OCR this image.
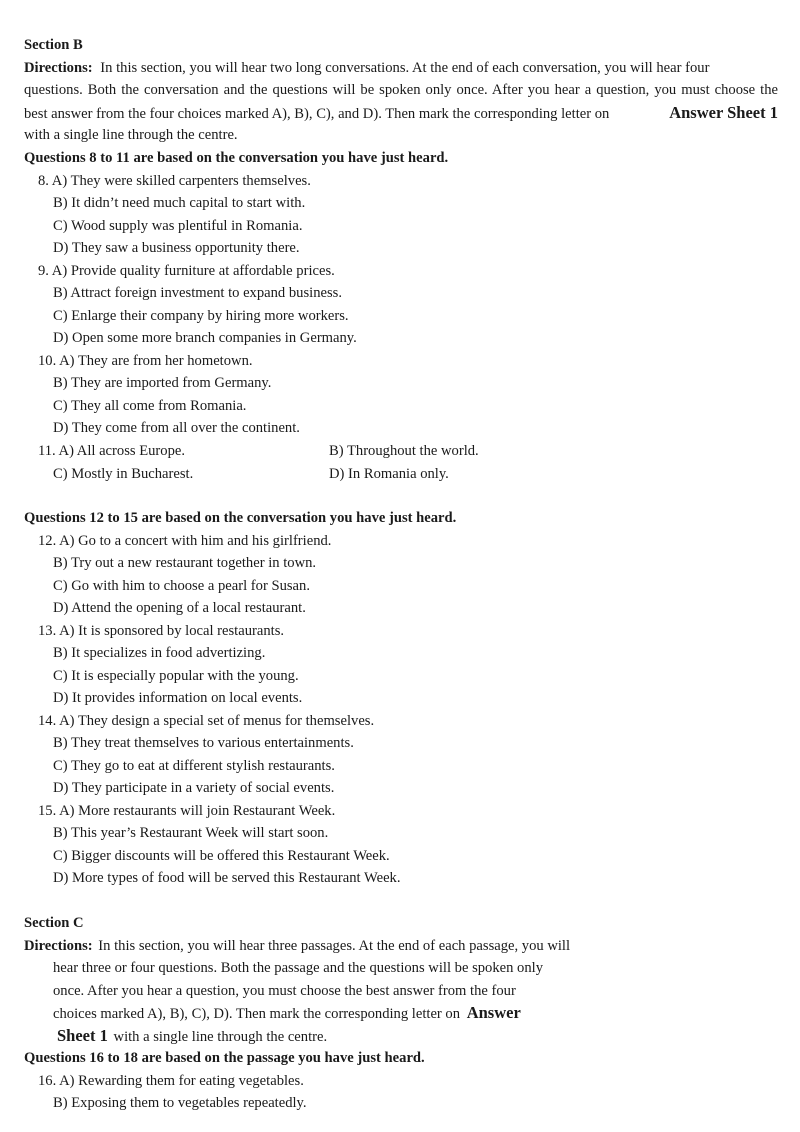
Section B
Directions: In this section, you will hear two long conversations. At the end of each conversation, you will hear four
questions. Both the conversation and the questions will be spoken only once. After you hear a question, you must choose the
best answer from the four choices marked A), B), C), and D). Then mark the corresponding letter on	Answer Sheet 1
with a single line through the centre.
Questions 8 to 11 are based on the conversation you have just heard.
8. A) They were skilled carpenters themselves.
B) It didn’t need much capital to start with.
C) Wood supply was plentiful in Romania.
D) They saw a business opportunity there.
9. A) Provide quality furniture at affordable prices.
B) Attract foreign investment to expand business.
C) Enlarge their company by hiring more workers.
D) Open some more branch companies in Germany.
10. A) They are from her hometown.
B) They are imported from Germany.
C) They all come from Romania.
D) They come from all over the continent.
11. A) All across Europe.	B) Throughout the world.
C) Mostly in Bucharest.	D) In Romania only.
Questions 12 to 15 are based on the conversation you have just heard.
12. A) Go to a concert with him and his girlfriend.
B) Try out a new restaurant together in town.
C) Go with him to choose a pearl for Susan.
D) Attend the opening of a local restaurant.
13. A) It is sponsored by local restaurants.
B) It specializes in food advertizing.
C) It is especially popular with the young.
D) It provides information on local events.
14. A) They design a special set of menus for themselves.
B) They treat themselves to various entertainments.
C) They go to eat at different stylish restaurants.
D) They participate in a variety of social events.
15. A) More restaurants will join Restaurant Week.
B) This year’s Restaurant Week will start soon.
C) Bigger discounts will be offered this Restaurant Week.
D) More types of food will be served this Restaurant Week.
Section C
Directions: In this section, you will hear three passages. At the end of each passage, you will
hear three or four questions. Both the passage and the questions will be spoken only
once. After you hear a question, you must choose the best answer from the four
choices marked A), B), C), D). Then mark the corresponding letter on Answer
Sheet 1 with a single line through the centre.
Questions 16 to 18 are based on the passage you have just heard.
16. A) Rewarding them for eating vegetables.
B) Exposing them to vegetables repeatedly.
